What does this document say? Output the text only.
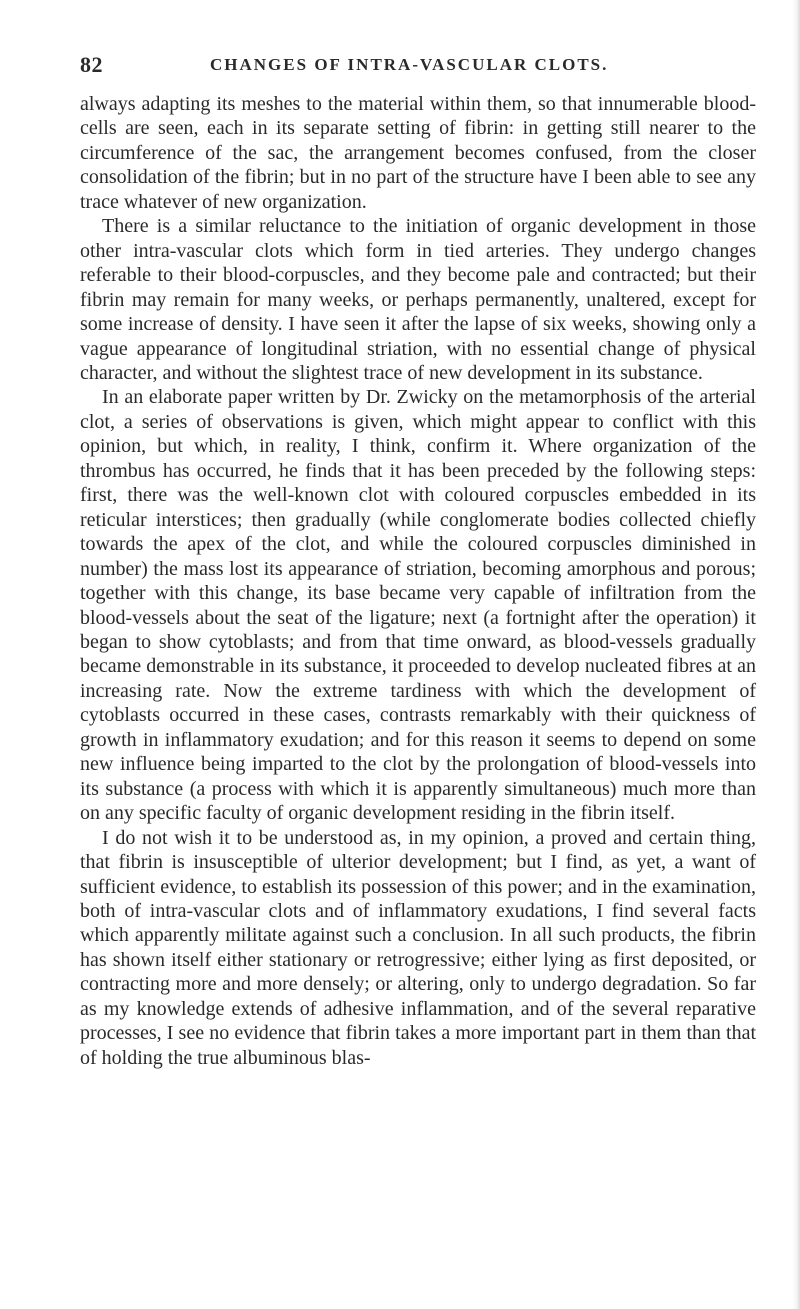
82	CHANGES OF INTRA-VASCULAR CLOTS.

always adapting its meshes to the material within them, so that innumerable blood-cells are seen, each in its separate setting of fibrin: in getting still nearer to the circumference of the sac, the arrangement becomes confused, from the closer consolidation of the fibrin; but in no part of the structure have I been able to see any trace whatever of new organization.

There is a similar reluctance to the initiation of organic development in those other intra-vascular clots which form in tied arteries. They undergo changes referable to their blood-corpuscles, and they become pale and contracted; but their fibrin may remain for many weeks, or perhaps permanently, unaltered, except for some increase of density. I have seen it after the lapse of six weeks, showing only a vague appearance of longitudinal striation, with no essential change of physical character, and without the slightest trace of new development in its substance.

In an elaborate paper written by Dr. Zwicky on the metamorphosis of the arterial clot, a series of observations is given, which might appear to conflict with this opinion, but which, in reality, I think, confirm it. Where organization of the thrombus has occurred, he finds that it has been preceded by the following steps: first, there was the well-known clot with coloured corpuscles embedded in its reticular interstices; then gradually (while conglomerate bodies collected chiefly towards the apex of the clot, and while the coloured corpuscles diminished in number) the mass lost its appearance of striation, becoming amorphous and porous; together with this change, its base became very capable of infiltration from the blood-vessels about the seat of the ligature; next (a fortnight after the operation) it began to show cytoblasts; and from that time onward, as blood-vessels gradually became demonstrable in its substance, it proceeded to develop nucleated fibres at an increasing rate. Now the extreme tardiness with which the development of cytoblasts occurred in these cases, contrasts remarkably with their quickness of growth in inflammatory exudation; and for this reason it seems to depend on some new influence being imparted to the clot by the prolongation of blood-vessels into its substance (a process with which it is apparently simultaneous) much more than on any specific faculty of organic development residing in the fibrin itself.

I do not wish it to be understood as, in my opinion, a proved and certain thing, that fibrin is insusceptible of ulterior development; but I find, as yet, a want of sufficient evidence, to establish its possession of this power; and in the examination, both of intra-vascular clots and of inflammatory exudations, I find several facts which apparently militate against such a conclusion. In all such products, the fibrin has shown itself either stationary or retrogressive; either lying as first deposited, or contracting more and more densely; or altering, only to undergo degradation. So far as my knowledge extends of adhesive inflammation, and of the several reparative processes, I see no evidence that fibrin takes a more important part in them than that of holding the true albuminous blas-
